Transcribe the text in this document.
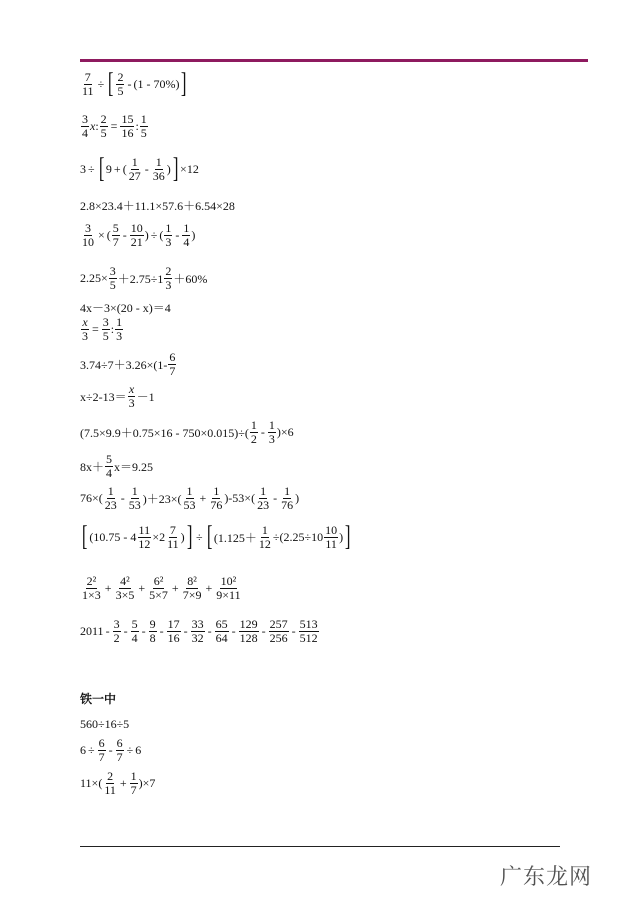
$\frac{7}{11}$ ÷ [ $\frac{2}{5} - (1 - 70\%)$ ]
$\frac{3}{4}$ x : $\frac{2}{5} = \frac{15}{16}$ : $\frac{1}{5}$
3 ÷ [ 9 + ( $\frac{1}{27} - \frac{1}{36}$ ) ] × 12
2.8×23.4＋11.1×57.6＋6.54×28
$\frac{3}{10}$ × ( $\frac{5}{7} - \frac{10}{21}$ ) ÷ ( $\frac{1}{3} - \frac{1}{4}$ )
$2.25\times \frac{3}{5} +2.75\div 1 \frac{2}{3} +60\%$
4x－3×(20 - x)＝4
$\frac{x}{3} = \frac{3}{5}$ : $\frac{1}{3}$
$3.74\div 7+3.26\times(1- \frac{6}{7}$
$x\div 2-13= \frac{x}{3} -1$
$(7.5\times 9.9+0.75\times 16 - 750\times 0.015)\div( \frac{1}{2} - \frac{1}{3} )\times 6$
$8x+ \frac{5}{4} x=9.25$
$76\times( \frac{1}{23} - \frac{1}{53} )+23\times( \frac{1}{53} + \frac{1}{76} )-53\times( \frac{1}{23} - \frac{1}{76}$ )
[ ($10.75 - 4 \frac{11}{12} \times 2 \frac{7}{11}$ ) ] ÷ [ ($1.125+ \frac{1}{12} \div(2.25\div 10 \frac{10}{11}$ ) ]
$\frac{\text{2²}}{1\times 3} + \frac{\text{4²}}{3\times 5} + \frac{\text{6²}}{5\times 7} + \frac{\text{8²}}{7\times 9} + \frac{\text{10²}}{9\times 11}$
$2011 - \frac{3}{2} - \frac{5}{4} - \frac{9}{8} - \frac{17}{16} - \frac{33}{32} - \frac{65}{64} - \frac{129}{128} - \frac{257}{256} - \frac{513}{512}$
铁一中
560÷16÷5
$6 \div \frac{6}{7} - \frac{6}{7} \div 6$
$11\times( \frac{2}{11} + \frac{1}{7} )\times 7$
广东龙网
